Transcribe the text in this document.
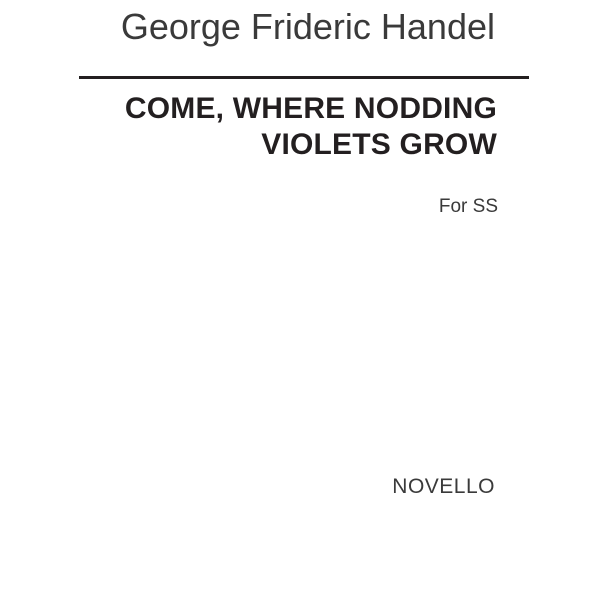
George Frideric Handel
COME, WHERE NODDING
VIOLETS GROW
For SS
NOVELLO
